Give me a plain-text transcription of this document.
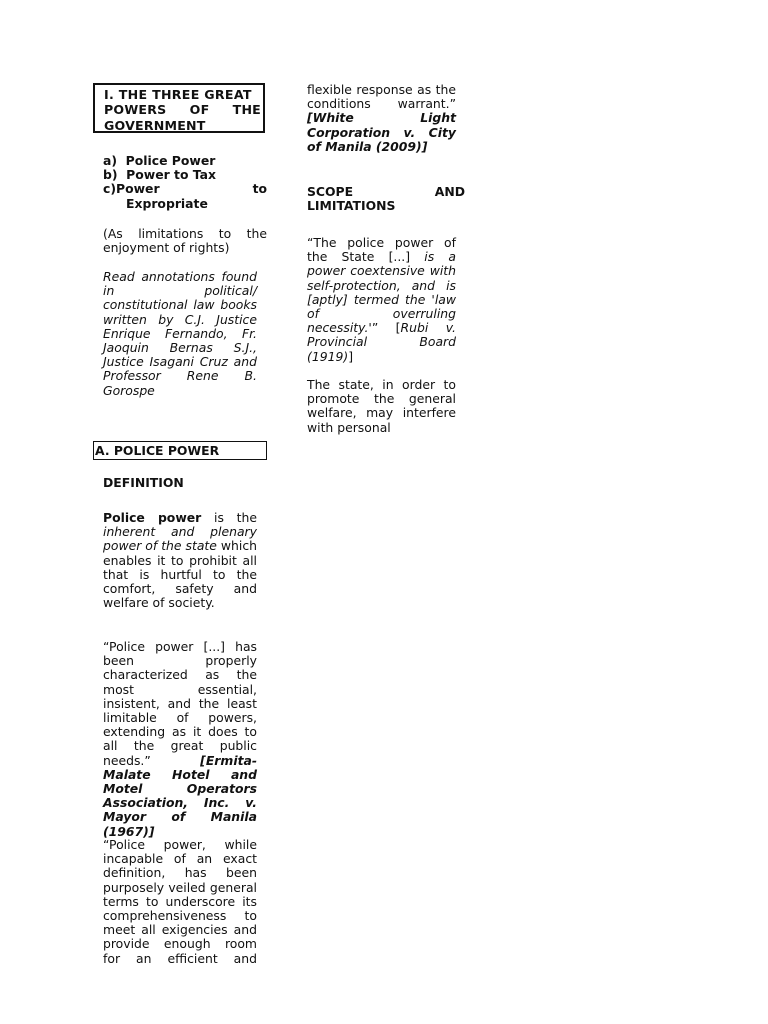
I. THE THREE GREAT
POWERS OF THE
GOVERNMENT
a)  Police Power
b)  Power to Tax
c)Power	to
Expropriate

(As limitations to the enjoyment of rights)

Read annotations found in political/ constitutional law books written by C.J. Justice Enrique Fernando, Fr. Jaoquin Bernas S.J., Justice Isagani Cruz and Professor Rene B. Gorospe

A. POLICE POWER
DEFINITION

Police power is the inherent and plenary power of the state which enables it to prohibit all that is hurtful to the comfort, safety and welfare of society.

“Police power [...] has been properly characterized as the most essential, insistent, and the least limitable of powers, extending as it does to all the great public needs.” [Ermita-Malate Hotel and Motel Operators Association, Inc. v. Mayor of Manila (1967)]

“Police power, while incapable of an exact definition, has been purposely veiled general terms to underscore its comprehensiveness to meet all exigencies and provide enough room for an efficient and

flexible response as the conditions warrant.” [White Light Corporation v. City of Manila (2009)]

SCOPE	AND
LIMITATIONS

“The police power of the State [...] is a power coextensive with self-protection, and is [aptly] termed the 'law of overruling necessity.'” [Rubi v. Provincial Board (1919)]

The state, in order to promote the general welfare, may interfere with personal
